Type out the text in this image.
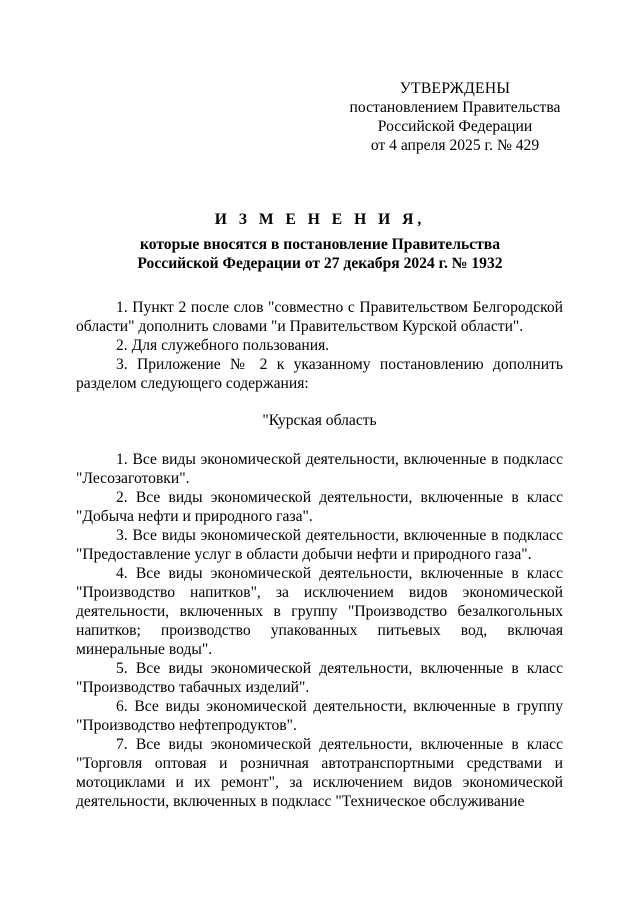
УТВЕРЖДЕНЫ
постановлением Правительства
Российской Федерации
от 4 апреля 2025 г. № 429
И З М Е Н Е Н И Я,
которые вносятся в постановление Правительства
Российской Федерации от 27 декабря 2024 г. № 1932

1. Пункт 2 после слов "совместно с Правительством Белгородской области" дополнить словами "и Правительством Курской области".

2. Для служебного пользования.

3. Приложение № 2 к указанному постановлению дополнить разделом следующего содержания:

"Курская область

1. Все виды экономической деятельности, включенные в подкласс "Лесозаготовки".

2. Все виды экономической деятельности, включенные в класс "Добыча нефти и природного газа".

3. Все виды экономической деятельности, включенные в подкласс "Предоставление услуг в области добычи нефти и природного газа".

4. Все виды экономической деятельности, включенные в класс "Производство напитков", за исключением видов экономической деятельности, включенных в группу "Производство безалкогольных напитков; производство упакованных питьевых вод, включая минеральные воды".

5. Все виды экономической деятельности, включенные в класс "Производство табачных изделий".

6. Все виды экономической деятельности, включенные в группу "Производство нефтепродуктов".

7. Все виды экономической деятельности, включенные в класс "Торговля оптовая и розничная автотранспортными средствами и мотоциклами и их ремонт", за исключением видов экономической деятельности, включенных в подкласс "Техническое обслуживание
